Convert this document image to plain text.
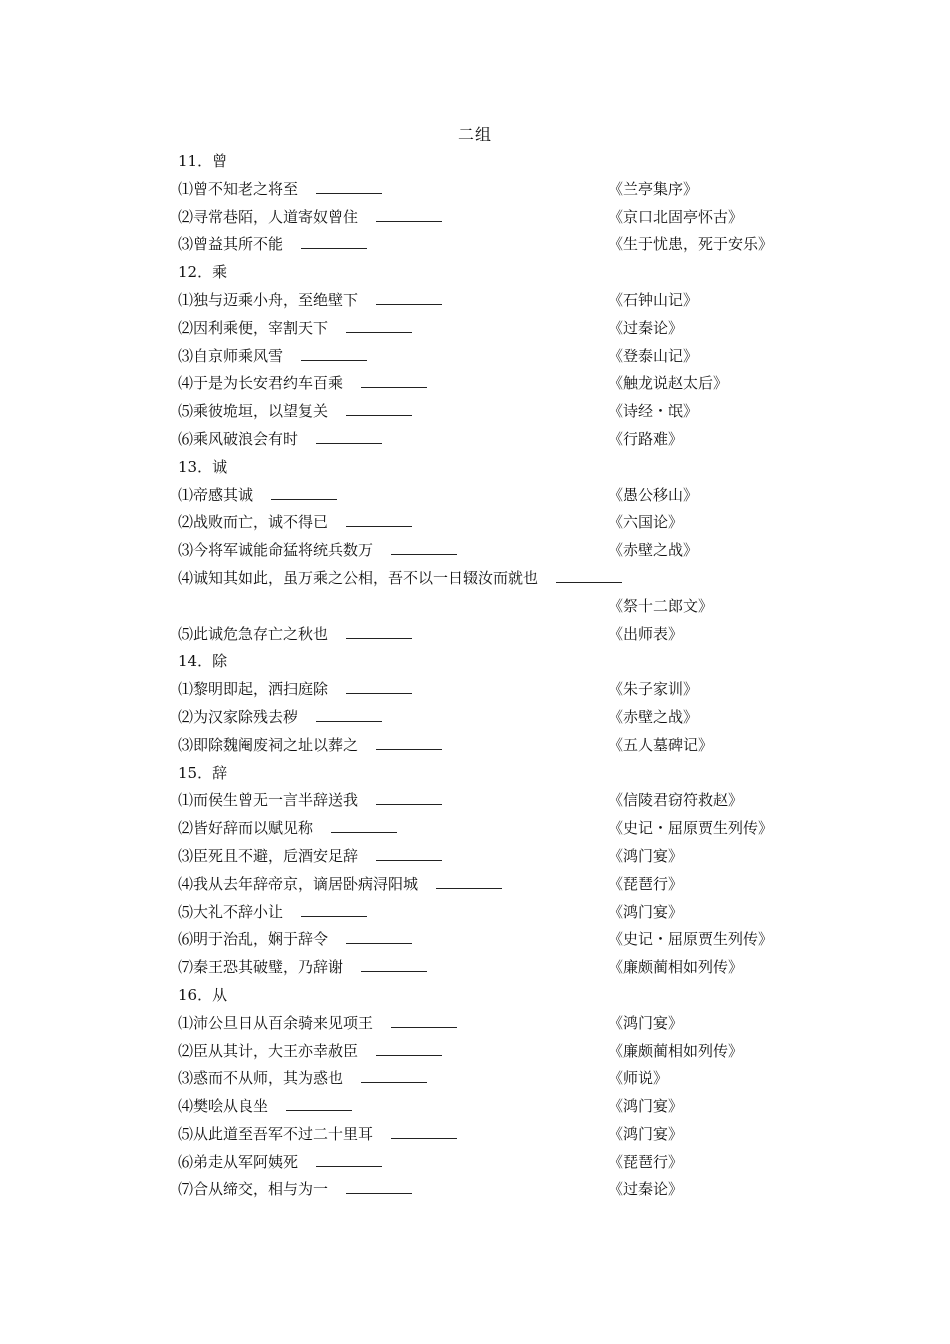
二组
11．曾
⑴曾不知老之将至	《兰亭集序》
⑵寻常巷陌，人道寄奴曾住	《京口北固亭怀古》
⑶曾益其所不能	《生于忧患，死于安乐》
12．乘
⑴独与迈乘小舟，至绝壁下	《石钟山记》
⑵因利乘便，宰割天下	《过秦论》
⑶自京师乘风雪	《登泰山记》
⑷于是为长安君约车百乘	《触龙说赵太后》
⑸乘彼垝垣，以望复关	《诗经・氓》
⑹乘风破浪会有时	《行路难》
13．诚
⑴帝感其诚	《愚公移山》
⑵战败而亡，诚不得已	《六国论》
⑶今将军诚能命猛将统兵数万	《赤壁之战》
⑷诚知其如此，虽万乘之公相，吾不以一日辍汝而就也
《祭十二郎文》
⑸此诚危急存亡之秋也	《出师表》
14．除
⑴黎明即起，洒扫庭除	《朱子家训》
⑵为汉家除残去秽	《赤壁之战》
⑶即除魏阉废祠之址以葬之	《五人墓碑记》
15．辞
⑴而侯生曾无一言半辞送我	《信陵君窃符救赵》
⑵皆好辞而以赋见称	《史记・屈原贾生列传》
⑶臣死且不避，卮酒安足辞	《鸿门宴》
⑷我从去年辞帝京，谪居卧病浔阳城	《琵琶行》
⑸大礼不辞小让	《鸿门宴》
⑹明于治乱，娴于辞令	《史记・屈原贾生列传》
⑺秦王恐其破璧，乃辞谢	《廉颇蔺相如列传》
16．从
⑴沛公旦日从百余骑来见项王	《鸿门宴》
⑵臣从其计，大王亦幸赦臣	《廉颇蔺相如列传》
⑶惑而不从师，其为惑也	《师说》
⑷樊哙从良坐	《鸿门宴》
⑸从此道至吾军不过二十里耳	《鸿门宴》
⑹弟走从军阿姨死	《琵琶行》
⑺合从缔交，相与为一	《过秦论》
